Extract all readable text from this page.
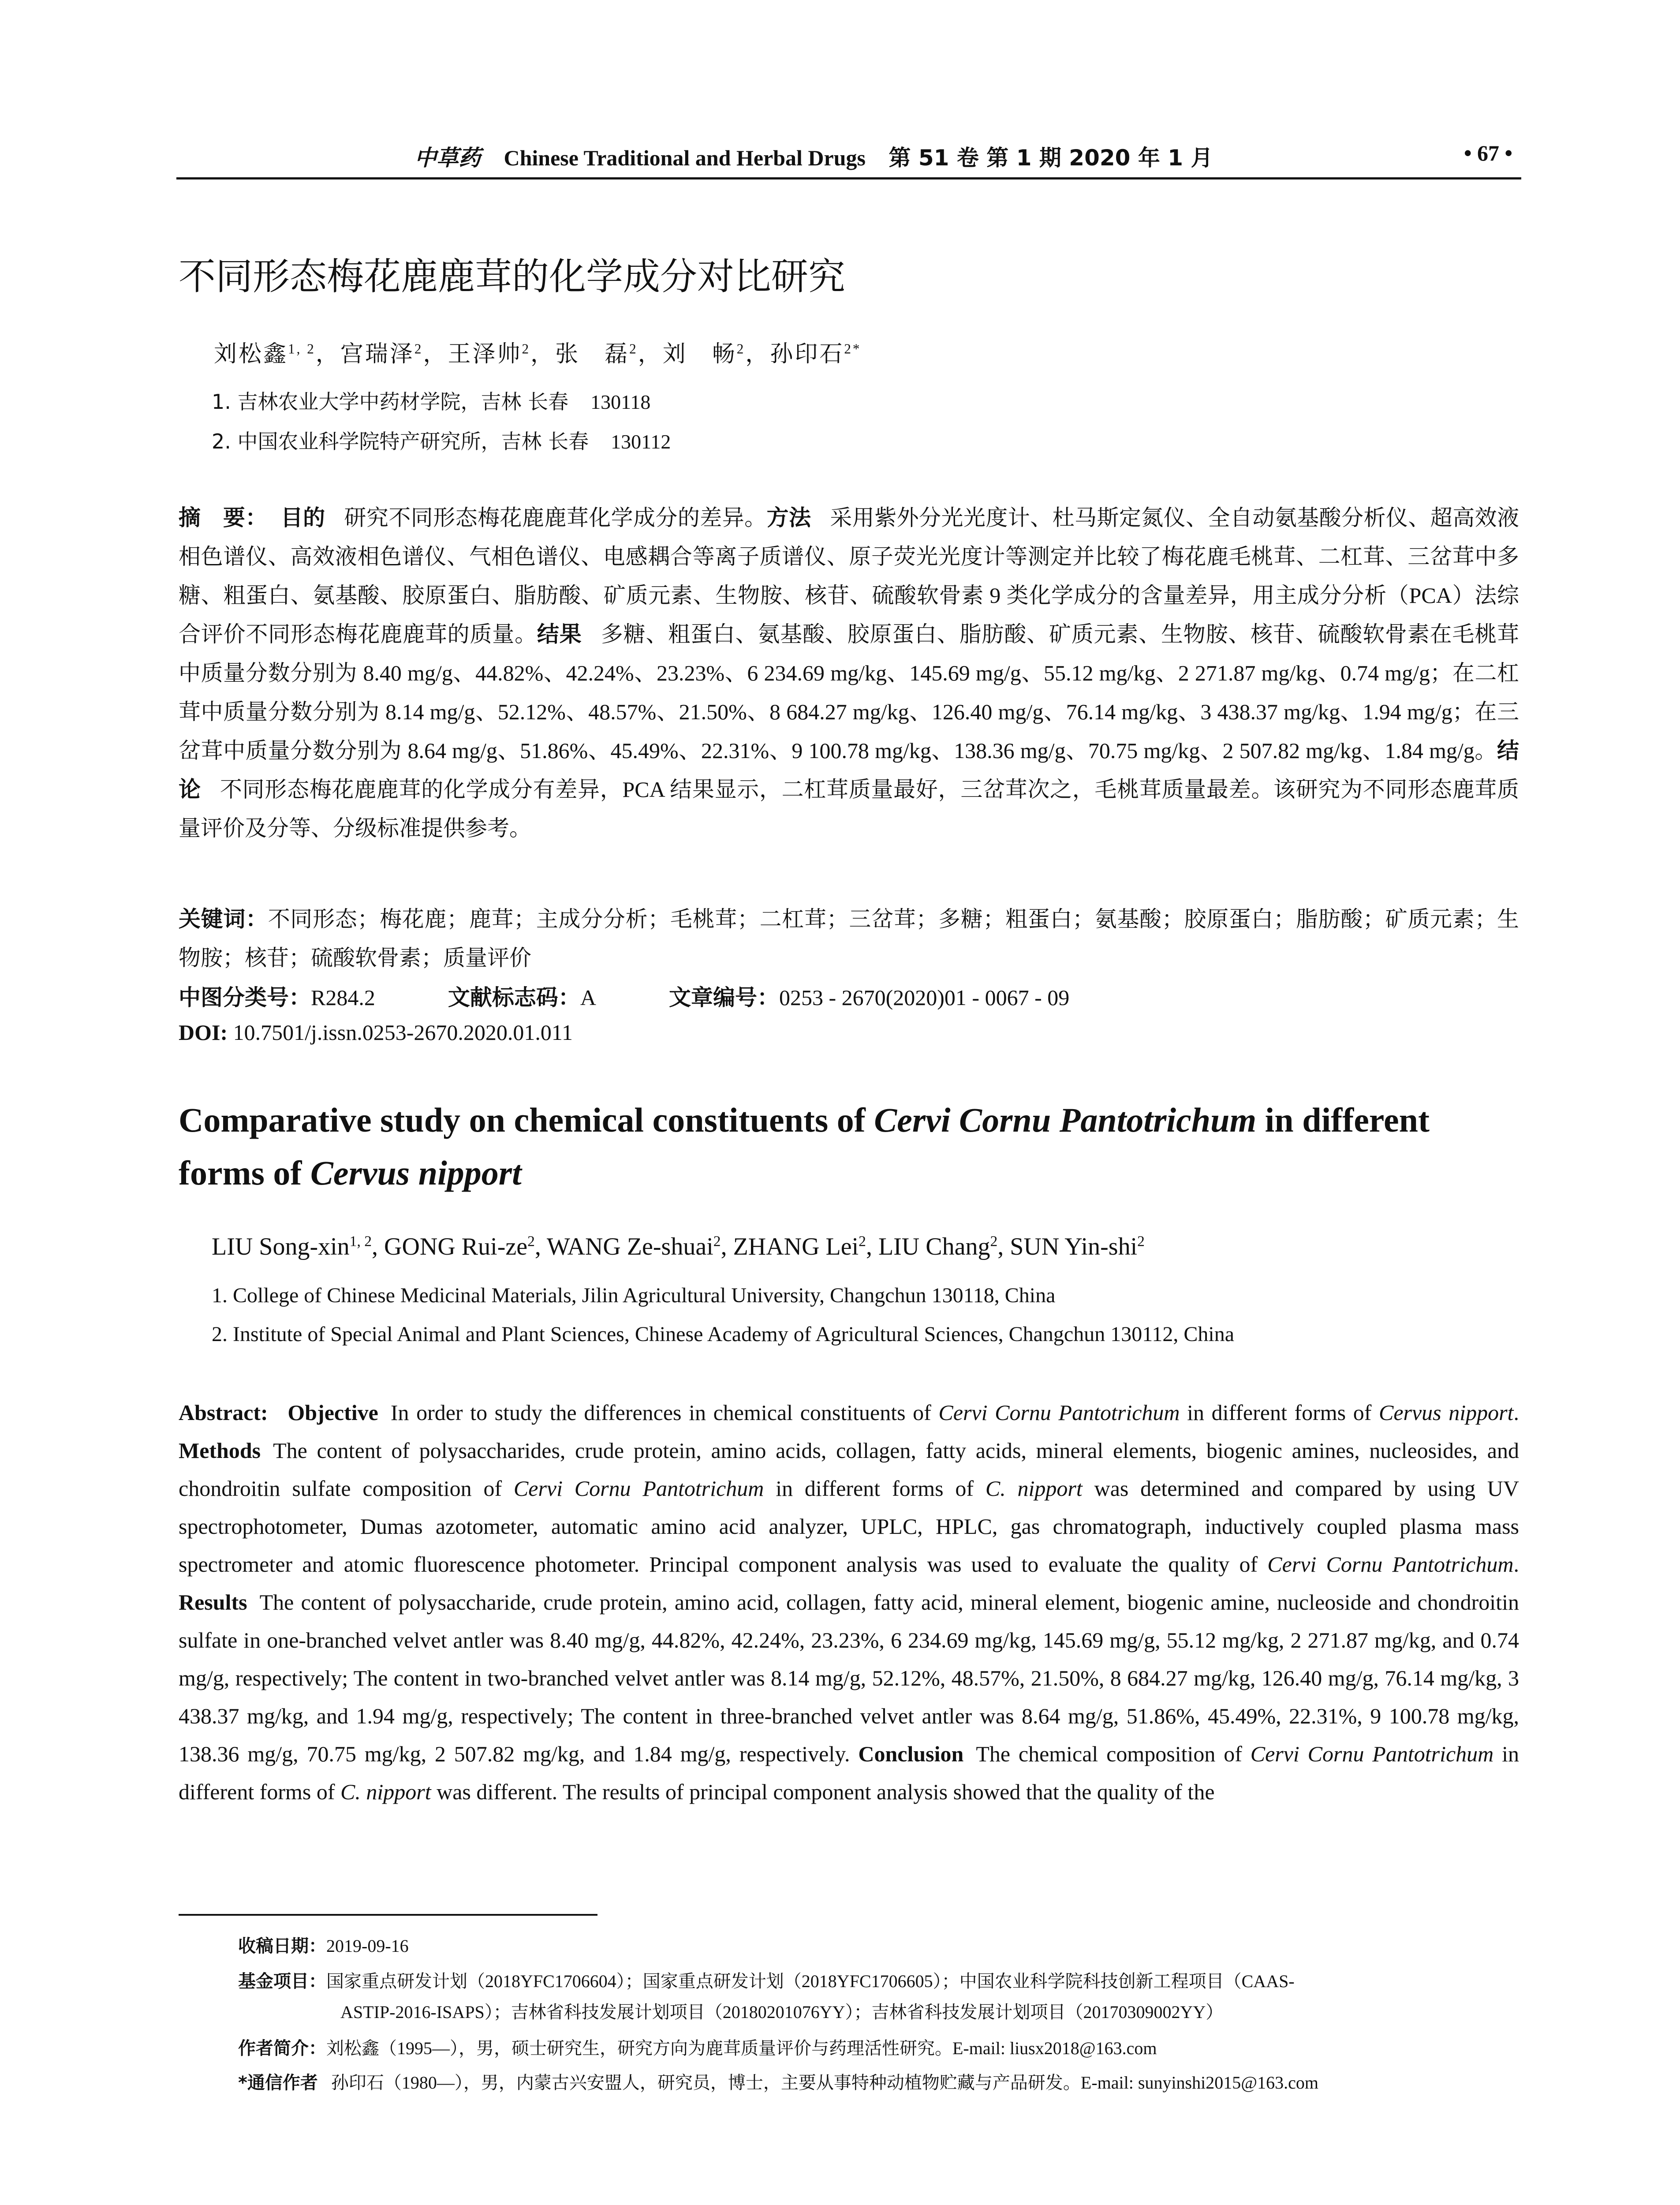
中草药 Chinese Traditional and Herbal Drugs 第 51 卷 第 1 期 2020 年 1 月	• 67 •
不同形态梅花鹿鹿茸的化学成分对比研究
刘松鑫$^{1, 2}$，宫瑞泽$^2$，王泽帅$^2$，张　磊$^2$，刘　畅$^2$，孙印石$^{2*}$
1. 吉林农业大学中药材学院，吉林 长春 130118
2. 中国农业科学院特产研究所，吉林 长春 130112
摘　要： 目的 研究不同形态梅花鹿鹿茸化学成分的差异。方法 采用紫外分光光度计、杜马斯定氮仪、全自动氨基酸分析仪、超高效液相色谱仪、高效液相色谱仪、气相色谱仪、电感耦合等离子质谱仪、原子荧光光度计等测定并比较了梅花鹿毛桃茸、二杠茸、三岔茸中多糖、粗蛋白、氨基酸、胶原蛋白、脂肪酸、矿质元素、生物胺、核苷、硫酸软骨素 9 类化学成分的含量差异，用主成分分析（PCA）法综合评价不同形态梅花鹿鹿茸的质量。结果 多糖、粗蛋白、氨基酸、胶原蛋白、脂肪酸、矿质元素、生物胺、核苷、硫酸软骨素在毛桃茸中质量分数分别为 8.40 mg/g、44.82%、42.24%、23.23%、6 234.69 mg/kg、145.69 mg/g、55.12 mg/kg、2 271.87 mg/kg、0.74 mg/g；在二杠茸中质量分数分别为 8.14 mg/g、52.12%、48.57%、21.50%、8 684.27 mg/kg、126.40 mg/g、76.14 mg/kg、3 438.37 mg/kg、1.94 mg/g；在三岔茸中质量分数分别为 8.64 mg/g、51.86%、45.49%、22.31%、9 100.78 mg/kg、138.36 mg/g、70.75 mg/kg、2 507.82 mg/kg、1.84 mg/g。结论 不同形态梅花鹿鹿茸的化学成分有差异，PCA 结果显示，二杠茸质量最好，三岔茸次之，毛桃茸质量最差。该研究为不同形态鹿茸质量评价及分等、分级标准提供参考。
关键词：不同形态；梅花鹿；鹿茸；主成分分析；毛桃茸；二杠茸；三岔茸；多糖；粗蛋白；氨基酸；胶原蛋白；脂肪酸；矿质元素；生物胺；核苷；硫酸软骨素；质量评价
中图分类号：R284.2	文献标志码：A	文章编号：0253 - 2670(2020)01 - 0067 - 09
DOI: 10.7501/j.issn.0253-2670.2020.01.011
Comparative study on chemical constituents of Cervi Cornu Pantotrichum in different forms of Cervus nipport
LIU Song-xin$^{1, 2}$, GONG Rui-$ze^2$, WANG Ze-shuai$^2$, ZHANG Lei$^2$, LIU Chang$^2$, SUN Yin-shi$^2$
1. College of Chinese Medicinal Materials, Jilin Agricultural University, Changchun 130118, China
2. Institute of Special Animal and Plant Sciences, Chinese Academy of Agricultural Sciences, Changchun 130112, China
Abstract: Objective In order to study the differences in chemical constituents of Cervi Cornu Pantotrichum in different forms of Cervus nipport. Methods The content of polysaccharides, crude protein, amino acids, collagen, fatty acids, mineral elements, biogenic amines, nucleosides, and chondroitin sulfate composition of Cervi Cornu Pantotrichum in different forms of C. nipport was determined and compared by using UV spectrophotometer, Dumas azotometer, automatic amino acid analyzer, UPLC, HPLC, gas chromatograph, inductively coupled plasma mass spectrometer and atomic fluorescence photometer. Principal component analysis was used to evaluate the quality of Cervi Cornu Pantotrichum. Results The content of polysaccharide, crude protein, amino acid, collagen, fatty acid, mineral element, biogenic amine, nucleoside and chondroitin sulfate in one-branched velvet antler was 8.40 mg/g, 44.82%, 42.24%, 23.23%, 6 234.69 mg/kg, 145.69 mg/g, 55.12 mg/kg, 2 271.87 mg/kg, and 0.74 mg/g, respectively; The content in two-branched velvet antler was 8.14 mg/g, 52.12%, 48.57%, 21.50%, 8 684.27 mg/kg, 126.40 mg/g, 76.14 mg/kg, 3 438.37 mg/kg, and 1.94 mg/g, respectively; The content in three-branched velvet antler was 8.64 mg/g, 51.86%, 45.49%, 22.31%, 9 100.78 mg/kg, 138.36 mg/g, 70.75 mg/kg, 2 507.82 mg/kg, and 1.84 mg/g, respectively. Conclusion The chemical composition of Cervi Cornu Pantotrichum in different forms of C. nipport was different. The results of principal component analysis showed that the quality of the
收稿日期：2019-09-16
基金项目：国家重点研发计划（2018YFC1706604）；国家重点研发计划（2018YFC1706605）；中国农业科学院科技创新工程项目（CAAS-
ASTIP-2016-ISAPS）；吉林省科技发展计划项目（20180201076YY）；吉林省科技发展计划项目（20170309002YY）
作者简介：刘松鑫（1995—），男，硕士研究生，研究方向为鹿茸质量评价与药理活性研究。E-mail: liusx2018@163.com
*通信作者 孙印石（1980—），男，内蒙古兴安盟人，研究员，博士，主要从事特种动植物贮藏与产品研发。E-mail: sunyinshi2015@163.com
